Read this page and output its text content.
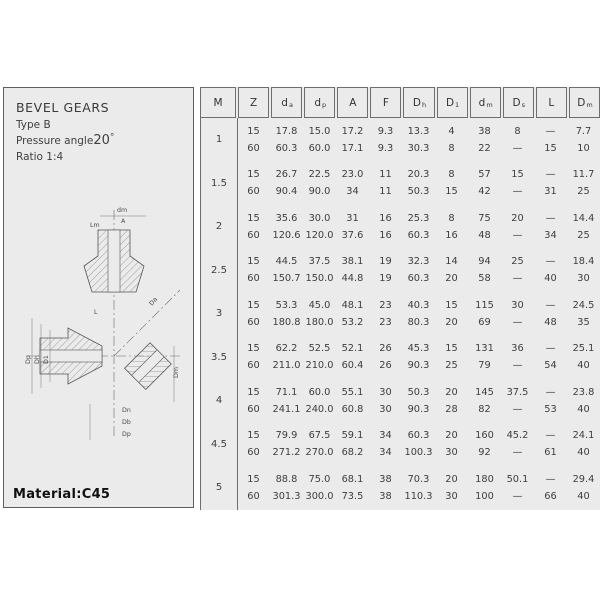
BEVEL GEARS
Type B
Pressure angle20°
Ratio 1:4
dm
A
Lm
Dp Dh D1
L
Da
Dm
Dn
Db
Dp
Material:C45
M	Z $d_a$ $d_p$ A	F $D_h$ $D_1$ $d_m$ $D_s$ L $D_m$
1
15	17.8	15.0	17.2	9.3	13.3	4	38	8	—	7.7
60	60.3	60.0	17.1	9.3	30.3	8	22	—	15	10
1.5
15	26.7	22.5	23.0	11	20.3	8	57	15	—	11.7
60	90.4	90.0	34	11	50.3	15	42	—	31	25
2
15	35.6	30.0	31	16	25.3	8	75	20	—	14.4
60	120.6 120.0 37.6	16	60.3	16	48	—	34	25
2.5
15	44.5	37.5	38.1	19	32.3	14	94	25	—	18.4
60	150.7 150.0 44.8	19	60.3	20	58	—	40	30
3
15	53.3	45.0	48.1	23	40.3	15	115	30	—	24.5
60	180.8 180.0 53.2	23	80.3	20	69	—	48	35
3.5
15	62.2	52.5	52.1	26	45.3	15	131	36	—	25.1
60	211.0 210.0 60.4	26	90.3	25	79	—	54	40
4
15	71.1	60.0	55.1	30	50.3	20	145	37.5	—	23.8
60	241.1 240.0 60.8	30	90.3	28	82	—	53	40
4.5
15	79.9	67.5	59.1	34	60.3	20	160	45.2	—	24.1
60	271.2 270.0 68.2	34	100.3	30	92	—	61	40
5
15	88.8	75.0	68.1	38	70.3	20	180	50.1	—	29.4
60	301.3 300.0 73.5	38	110.3	30	100	—	66	40
